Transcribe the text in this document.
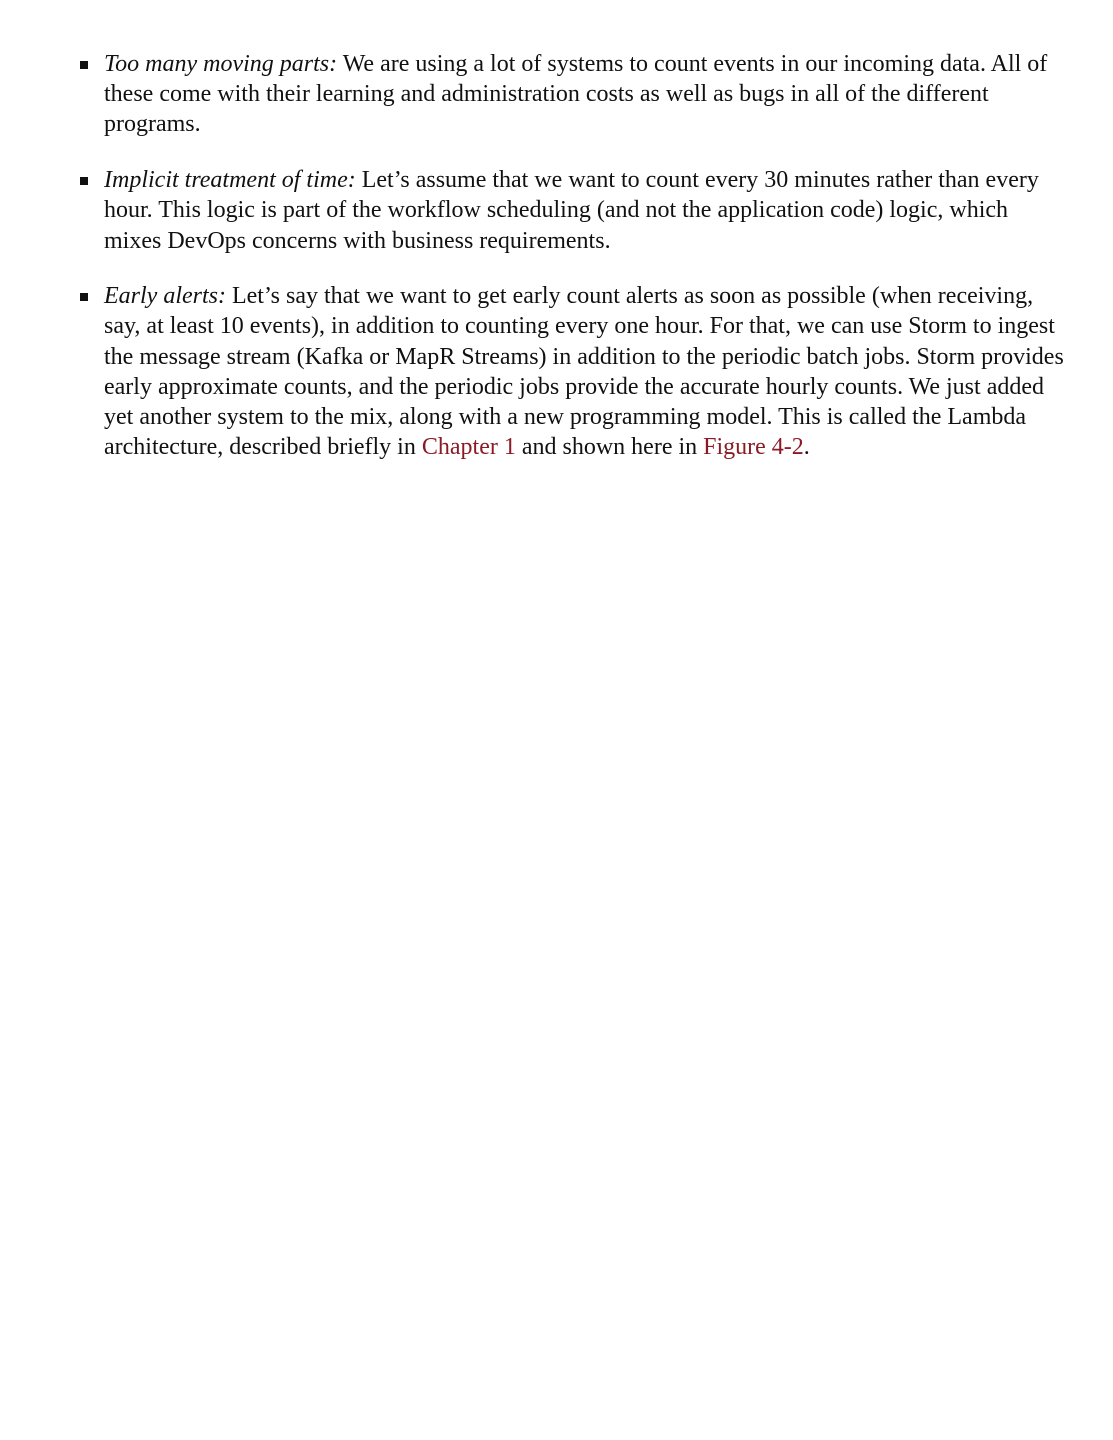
Too many moving parts: We are using a lot of systems to count events in our incoming data. All of these come with their learning and administration costs as well as bugs in all of the different programs.
Implicit treatment of time: Let’s assume that we want to count every 30 minutes rather than every hour. This logic is part of the workflow scheduling (and not the application code) logic, which mixes DevOps concerns with business requirements.
Early alerts: Let’s say that we want to get early count alerts as soon as possible (when receiving, say, at least 10 events), in addition to counting every one hour. For that, we can use Storm to ingest the message stream (Kafka or MapR Streams) in addition to the periodic batch jobs. Storm provides early approximate counts, and the periodic jobs provide the accurate hourly counts. We just added yet another system to the mix, along with a new programming model. This is called the Lambda architecture, described briefly in Chapter 1 and shown here in Figure 4-2.
